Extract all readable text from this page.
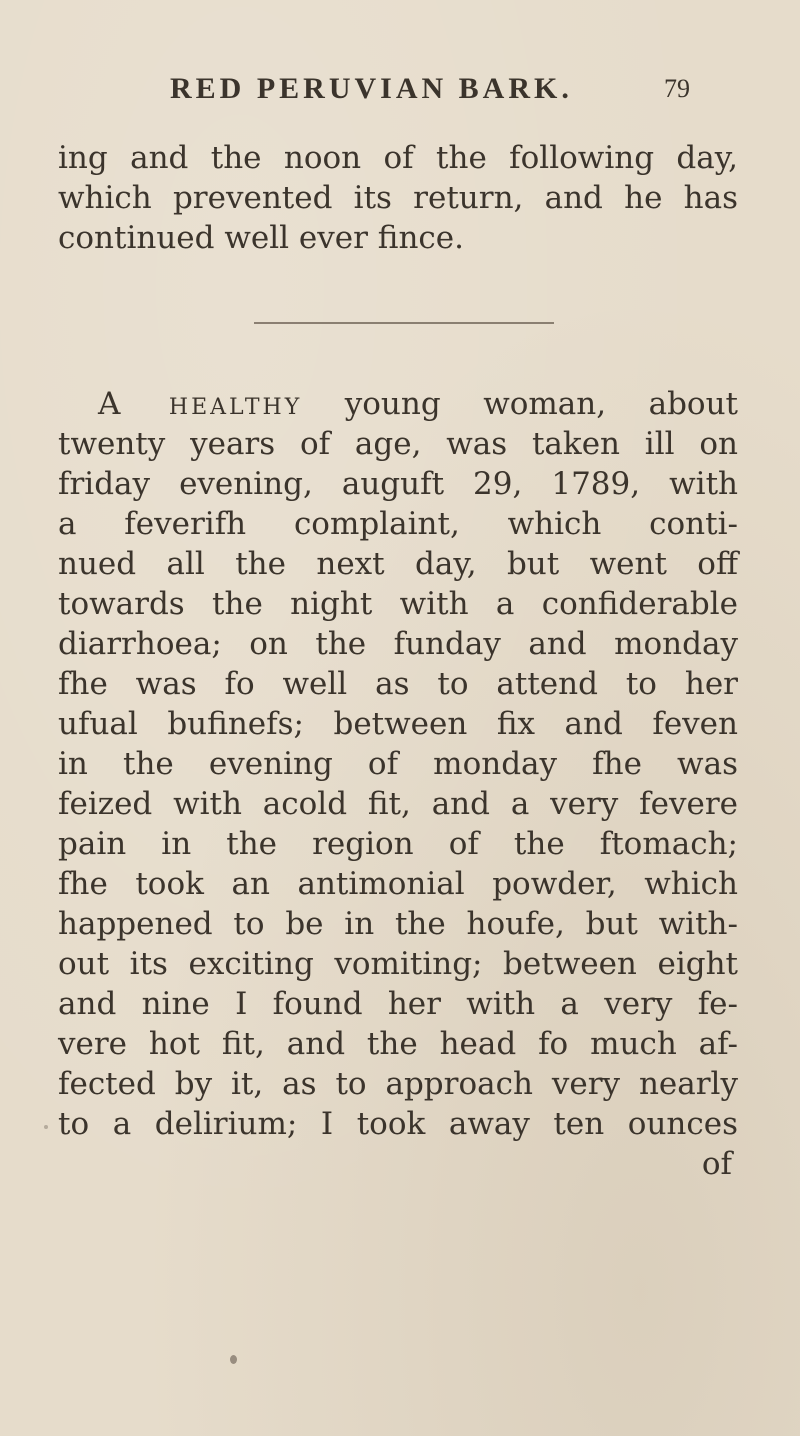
RED PERUVIAN BARK.	79
ing and the noon of the following day,
which prevented its return, and he has
continued well ever fince.
A healthy young woman, about
twenty years of age, was taken ill on
friday evening, auguft 29, 1789, with
a feverifh complaint, which conti-
nued all the next day, but went off
towards the night with a confiderable
diarrhoea; on the funday and monday
fhe was fo well as to attend to her
ufual bufinefs; between fix and feven
in the evening of monday fhe was
feized with acold fit, and a very fevere
pain in the region of the ftomach;
fhe took an antimonial powder, which
happened to be in the houfe, but with-
out its exciting vomiting; between eight
and nine I found her with a very fe-
vere hot fit, and the head fo much af-
fected by it, as to approach very nearly
to a delirium; I took away ten ounces
of
